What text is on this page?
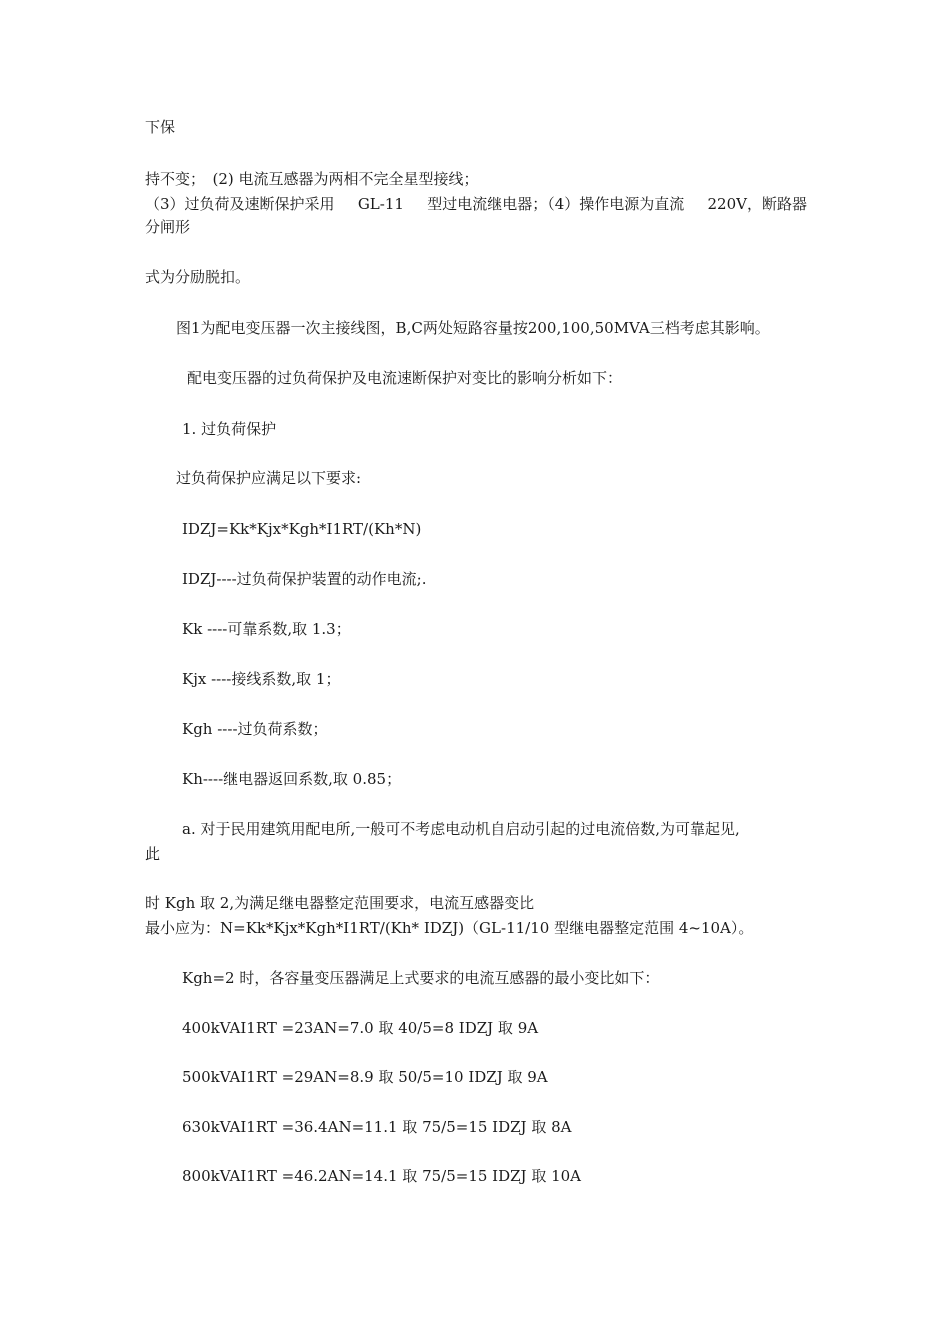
下保
持不变；　(2) 电流互感器为两相不完全星型接线；
（3）过负荷及速断保护采用 GL-11 型过电流继电器；（4）操作电源为直流 220V，断路器
分闸形
式为分励脱扣。
图1为配电变压器一次主接线图，B,C两处短路容量按200,100,50MVA三档考虑其影响。
配电变压器的过负荷保护及电流速断保护对变比的影响分析如下：
1. 过负荷保护
过负荷保护应满足以下要求:
IDZJ=Kk*Kjx*Kgh*I1RT/(Kh*N)
IDZJ----过负荷保护装置的动作电流;.
Kk ----可靠系数,取 1.3；
Kjx ----接线系数,取 1；
Kgh ----过负荷系数；
Kh----继电器返回系数,取 0.85；
a. 对于民用建筑用配电所,一般可不考虑电动机自启动引起的过电流倍数,为可靠起见,
此
时 Kgh 取 2,为满足继电器整定范围要求，电流互感器变比
最小应为：N=Kk*Kjx*Kgh*I1RT/(Kh* IDZJ)（GL-11/10 型继电器整定范围 4~10A）。
Kgh=2 时，各容量变压器满足上式要求的电流互感器的最小变比如下：
400kVAI1RT =23AN=7.0 取 40/5=8 IDZJ 取 9A
500kVAI1RT =29AN=8.9 取 50/5=10 IDZJ 取 9A
630kVAI1RT =36.4AN=11.1 取 75/5=15 IDZJ 取 8A
800kVAI1RT =46.2AN=14.1 取 75/5=15 IDZJ 取 10A
